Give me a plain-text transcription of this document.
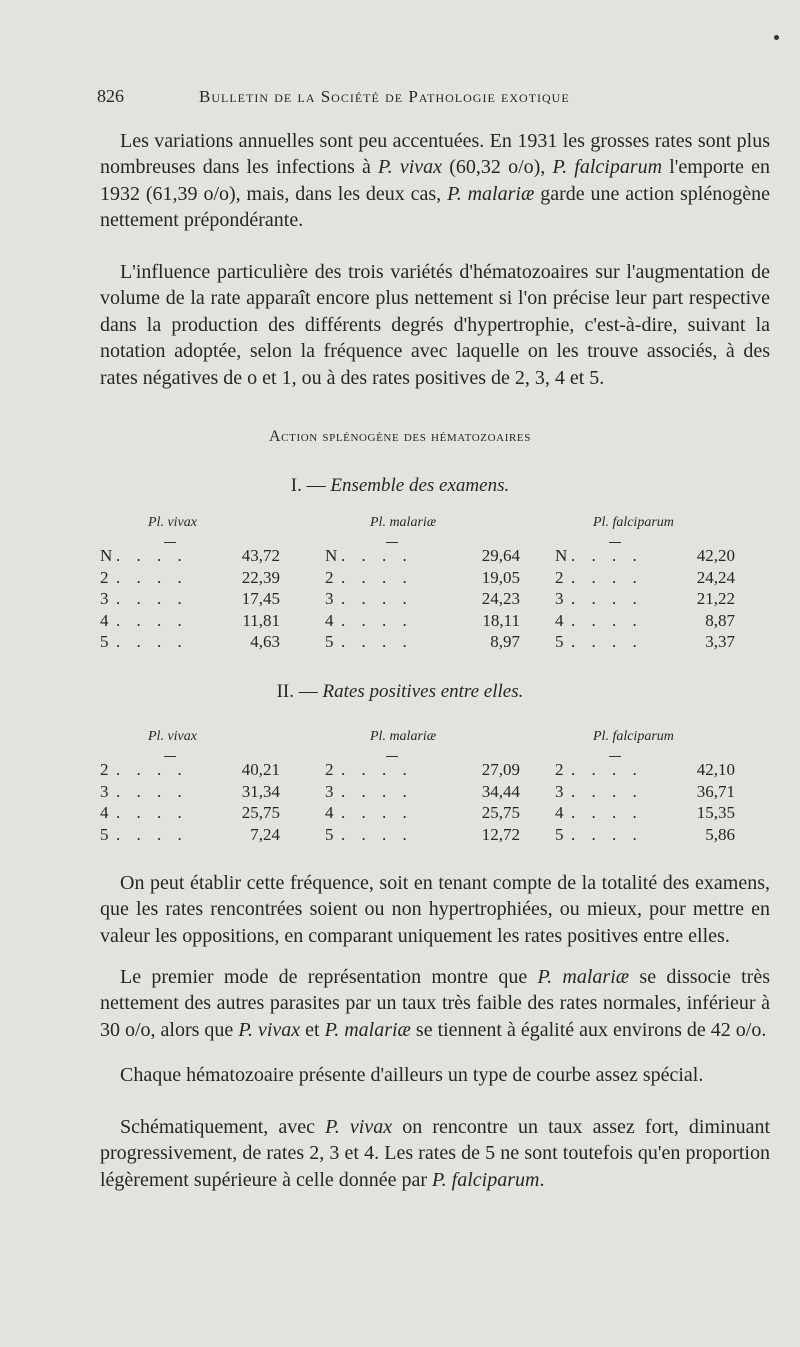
826	Bulletin de la Société de Pathologie exotique

Les variations annuelles sont peu accentuées. En 1931 les grosses rates sont plus nombreuses dans les infections à P. vivax (60,32 o/o), P. falciparum l'emporte en 1932 (61,39 o/o), mais, dans les deux cas, P. malariæ garde une action splénogène nettement prépondérante.

L'influence particulière des trois variétés d'hématozoaires sur l'augmentation de volume de la rate apparaît encore plus nettement si l'on précise leur part respective dans la production des différents degrés d'hypertrophie, c'est-à-dire, suivant la notation adoptée, selon la fréquence avec laquelle on les trouve associés, à des rates négatives de o et 1, ou à des rates positives de 2, 3, 4 et 5.

Action splénogène des hématozoaires

I. — Ensemble des examens.

Pl. vivax
N . . . .	43,72
2 . . . .	22,39
3 . . . .	17,45
4 . . . .	11,81
5 . . . .	4,63
Pl. malariæ
N . . . .	29,64
2 . . . .	19,05
3 . . . .	24,23
4 . . . .	18,11
5 . . . .	8,97
Pl. falciparum
N . . . .	42,20
2 . . . .	24,24
3 . . . .	21,22
4 . . . .	8,87
5 . . . .	3,37

II. — Rates positives entre elles.

Pl. vivax
2 . . . .	40,21
3 . . . .	31,34
4 . . . .	25,75
5 . . . .	7,24
Pl. malariæ
2 . . . .	27,09
3 . . . .	34,44
4 . . . .	25,75
5 . . . .	12,72
Pl. falciparum
2 . . . .	42,10
3 . . . .	36,71
4 . . . .	15,35
5 . . . .	5,86

On peut établir cette fréquence, soit en tenant compte de la totalité des examens, que les rates rencontrées soient ou non hypertrophiées, ou mieux, pour mettre en valeur les oppositions, en comparant uniquement les rates positives entre elles.

Le premier mode de représentation montre que P. malariæ se dissocie très nettement des autres parasites par un taux très faible des rates normales, inférieur à 30 o/o, alors que P. vivax et P. malariæ se tiennent à égalité aux environs de 42 o/o.

Chaque hématozoaire présente d'ailleurs un type de courbe assez spécial.

Schématiquement, avec P. vivax on rencontre un taux assez fort, diminuant progressivement, de rates 2, 3 et 4. Les rates de 5 ne sont toutefois qu'en proportion légèrement supérieure à celle donnée par P. falciparum.
